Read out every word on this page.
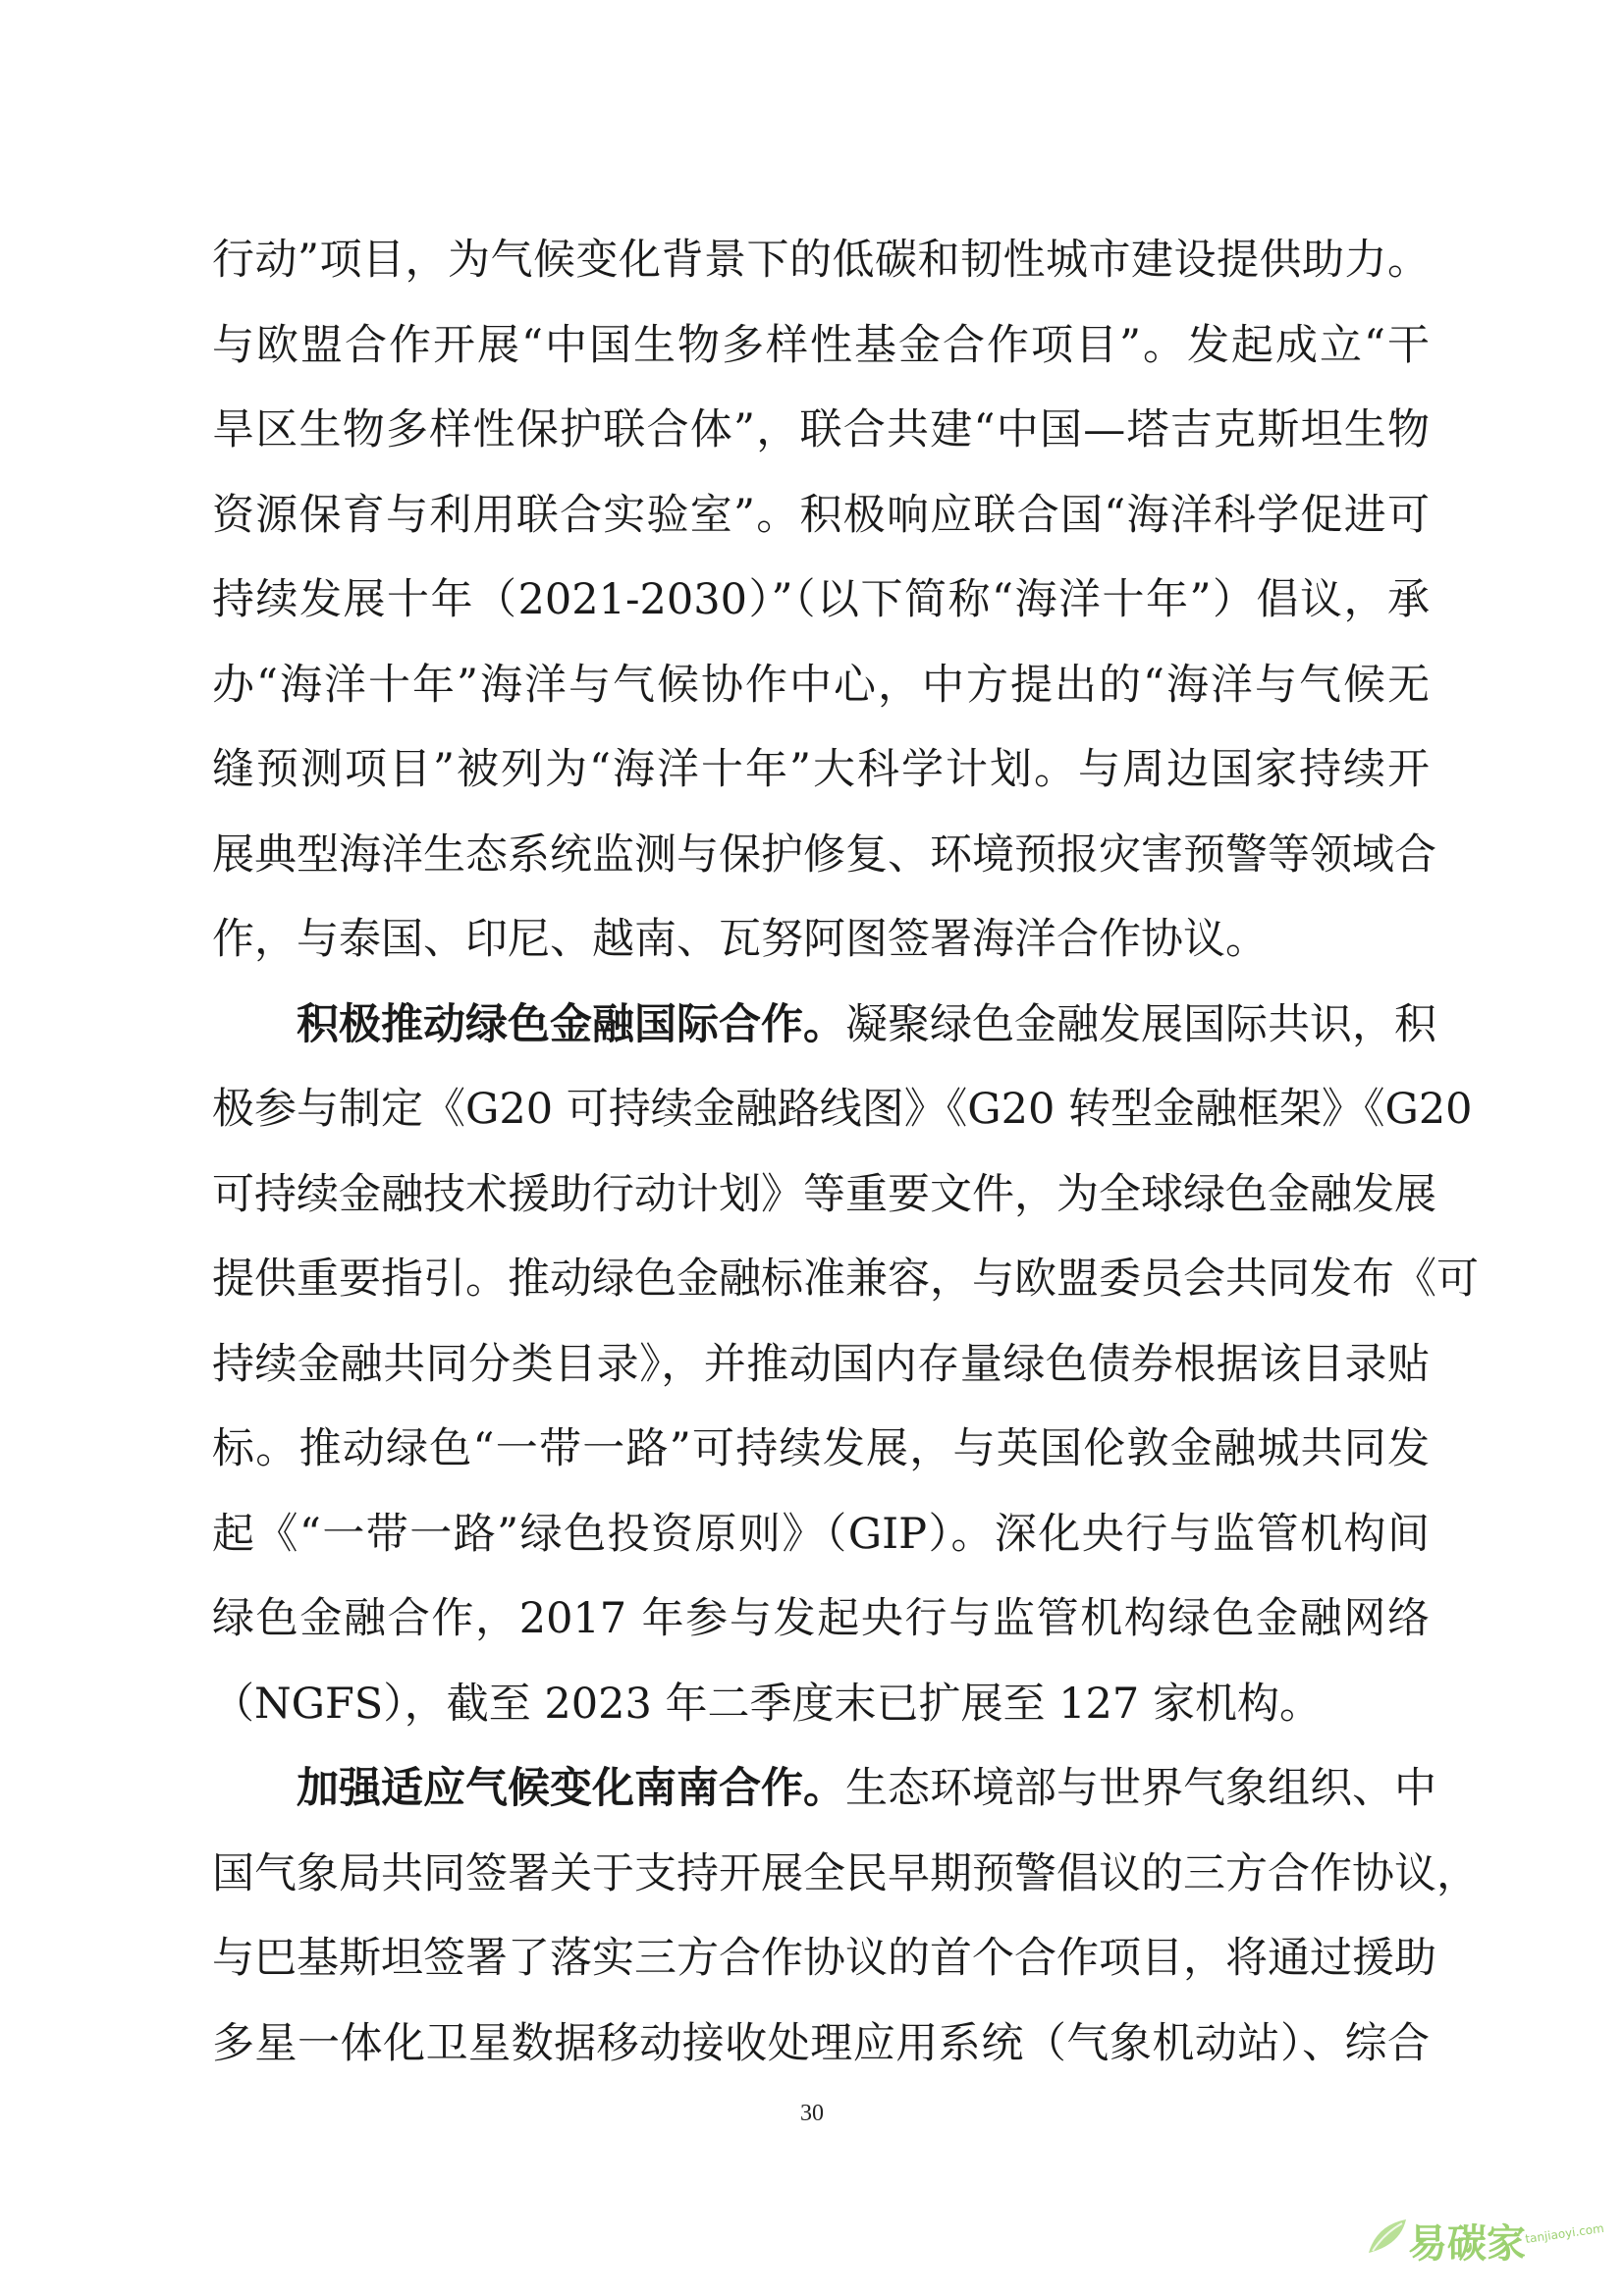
行动”项目，为气候变化背景下的低碳和韧性城市建设提供助力。
与欧盟合作开展“中国生物多样性基金合作项目”。发起成立“干
旱区生物多样性保护联合体”，联合共建“中国—塔吉克斯坦生物
资源保育与利用联合实验室”。积极响应联合国“海洋科学促进可
持续发展十年（2021-2030）”（以下简称“海洋十年”）倡议，承
办“海洋十年”海洋与气候协作中心，中方提出的“海洋与气候无
缝预测项目”被列为“海洋十年”大科学计划。与周边国家持续开
展典型海洋生态系统监测与保护修复、环境预报灾害预警等领域合
作，与泰国、印尼、越南、瓦努阿图签署海洋合作协议。
积极推动绿色金融国际合作。凝聚绿色金融发展国际共识，积
极参与制定《G20 可持续金融路线图》《G20 转型金融框架》《G20
可持续金融技术援助行动计划》等重要文件，为全球绿色金融发展
提供重要指引。推动绿色金融标准兼容，与欧盟委员会共同发布《可
持续金融共同分类目录》，并推动国内存量绿色债券根据该目录贴
标。推动绿色“一带一路”可持续发展，与英国伦敦金融城共同发
起《“一带一路”绿色投资原则》（GIP）。深化央行与监管机构间
绿色金融合作，2017 年参与发起央行与监管机构绿色金融网络
（NGFS），截至 2023 年二季度末已扩展至 127 家机构。
加强适应气候变化南南合作。生态环境部与世界气象组织、中
国气象局共同签署关于支持开展全民早期预警倡议的三方合作协议，
与巴基斯坦签署了落实三方合作协议的首个合作项目，将通过援助
多星一体化卫星数据移动接收处理应用系统（气象机动站）、综合
30
易碳家
tanjiaoyi.com
